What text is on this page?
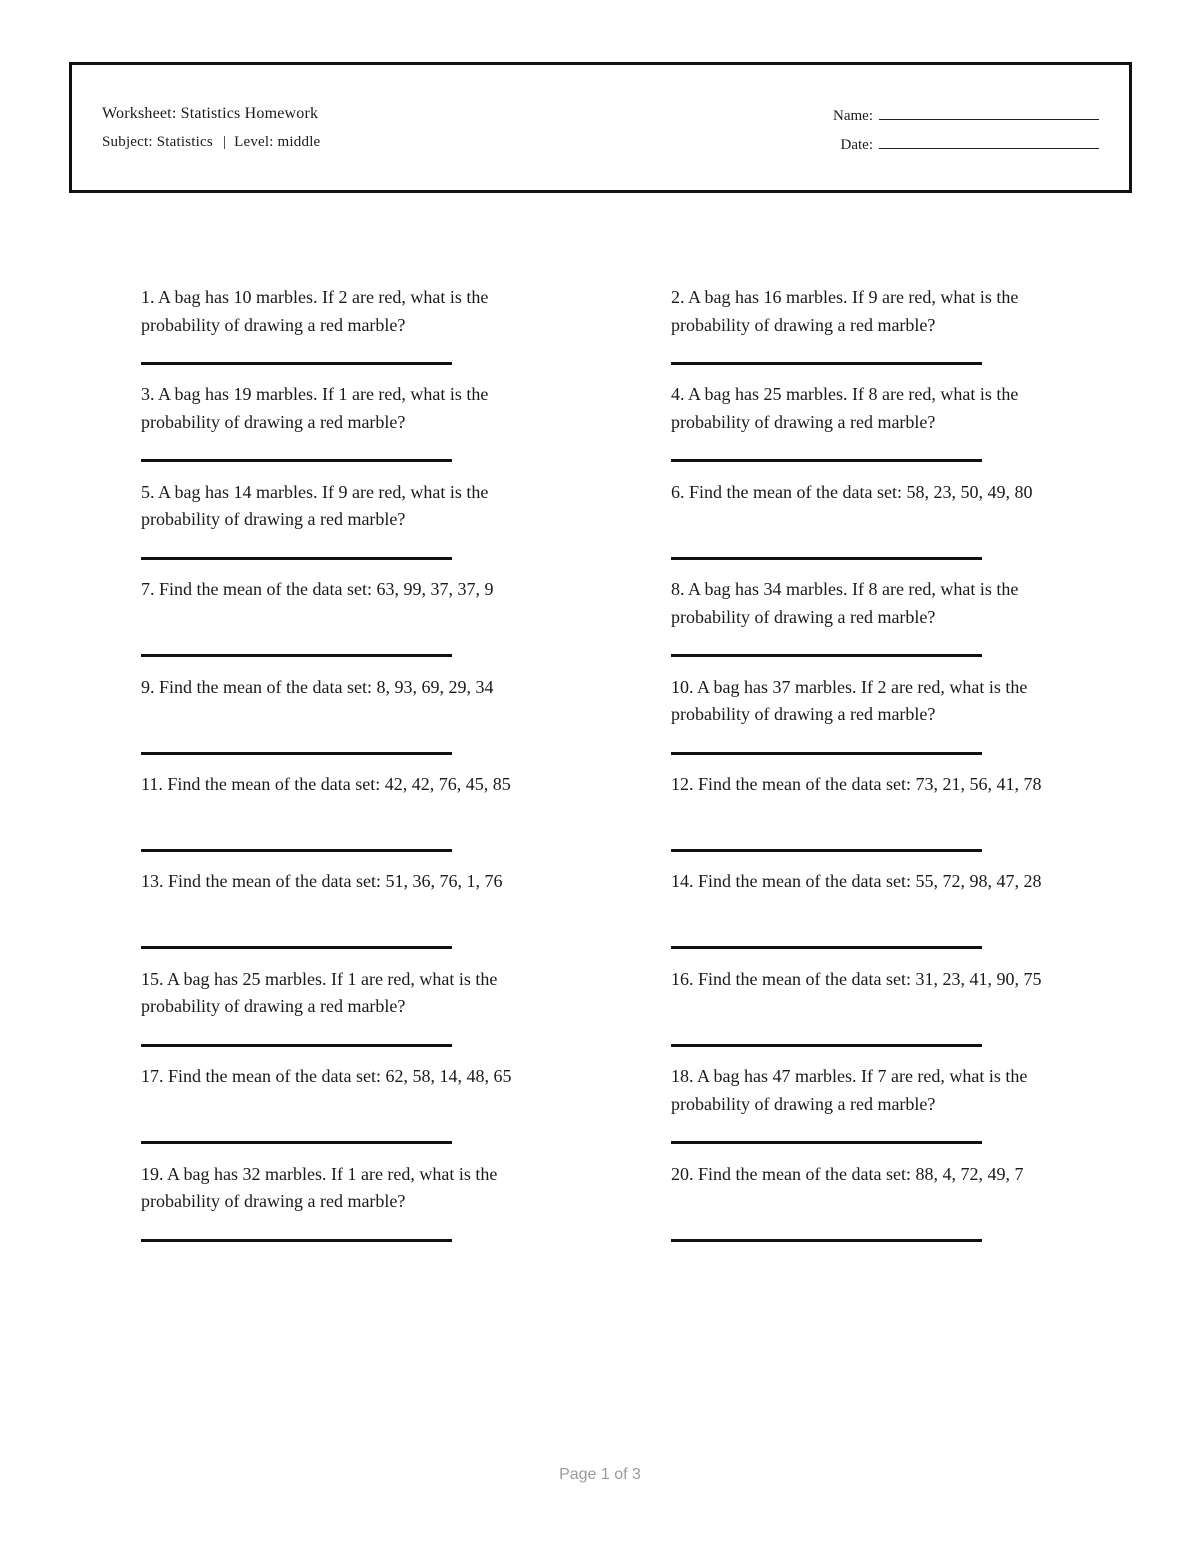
Worksheet: Statistics Homework
Subject: Statistics | Level: middle
Name:
Date:
1. A bag has 10 marbles. If 2 are red, what is the probability of drawing a red marble?
2. A bag has 16 marbles. If 9 are red, what is the probability of drawing a red marble?
3. A bag has 19 marbles. If 1 are red, what is the probability of drawing a red marble?
4. A bag has 25 marbles. If 8 are red, what is the probability of drawing a red marble?
5. A bag has 14 marbles. If 9 are red, what is the probability of drawing a red marble?
6. Find the mean of the data set: 58, 23, 50, 49, 80
7. Find the mean of the data set: 63, 99, 37, 37, 9	8. A bag has 34 marbles. If 8 are red, what is the probability of drawing a red marble?
9. Find the mean of the data set: 8, 93, 69, 29, 34	10. A bag has 37 marbles. If 2 are red, what is the probability of drawing a red marble?
11. Find the mean of the data set: 42, 42, 76, 45, 85	12. Find the mean of the data set: 73, 21, 56, 41, 78
13. Find the mean of the data set: 51, 36, 76, 1, 76	14. Find the mean of the data set: 55, 72, 98, 47, 28
15. A bag has 25 marbles. If 1 are red, what is the probability of drawing a red marble?
16. Find the mean of the data set: 31, 23, 41, 90, 75
17. Find the mean of the data set: 62, 58, 14, 48, 65	18. A bag has 47 marbles. If 7 are red, what is the probability of drawing a red marble?
19. A bag has 32 marbles. If 1 are red, what is the probability of drawing a red marble?
20. Find the mean of the data set: 88, 4, 72, 49, 7
Page 1 of 3
